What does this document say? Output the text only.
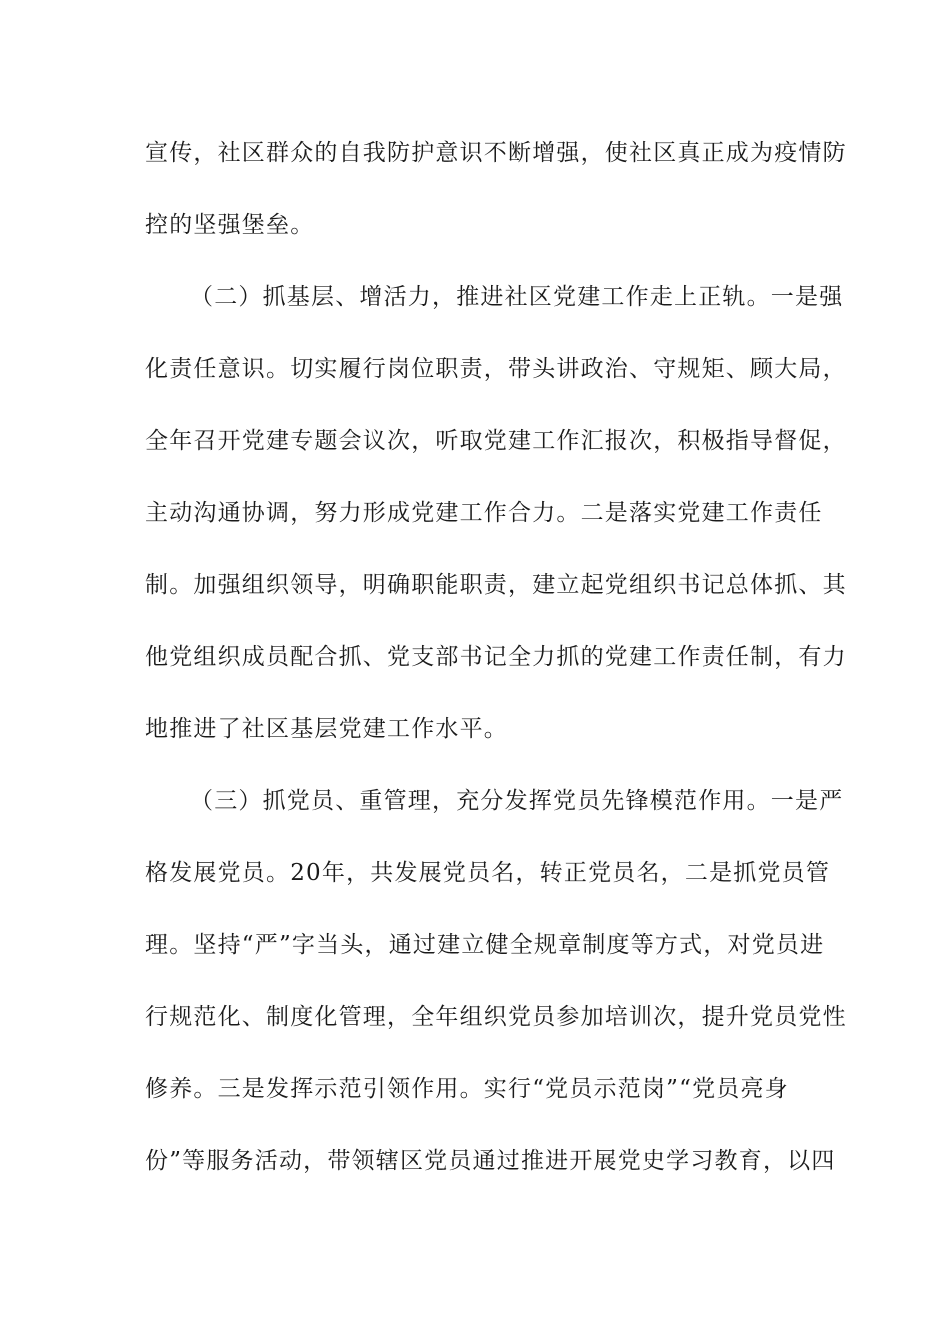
宣传，社区群众的自我防护意识不断增强，使社区真正成为疫情防
控的坚强堡垒。
（二）抓基层、增活力，推进社区党建工作走上正轨。一是强
化责任意识。切实履行岗位职责，带头讲政治、守规矩、顾大局，
全年召开党建专题会议次，听取党建工作汇报次，积极指导督促，
主动沟通协调，努力形成党建工作合力。二是落实党建工作责任
制。加强组织领导，明确职能职责，建立起党组织书记总体抓、其
他党组织成员配合抓、党支部书记全力抓的党建工作责任制，有力
地推进了社区基层党建工作水平。
（三）抓党员、重管理，充分发挥党员先锋模范作用。一是严
格发展党员。20年，共发展党员名，转正党员名，二是抓党员管
理。坚持“严”字当头，通过建立健全规章制度等方式，对党员进
行规范化、制度化管理，全年组织党员参加培训次，提升党员党性
修养。三是发挥示范引领作用。实行“党员示范岗”“党员亮身
份”等服务活动，带领辖区党员通过推进开展党史学习教育，以四
